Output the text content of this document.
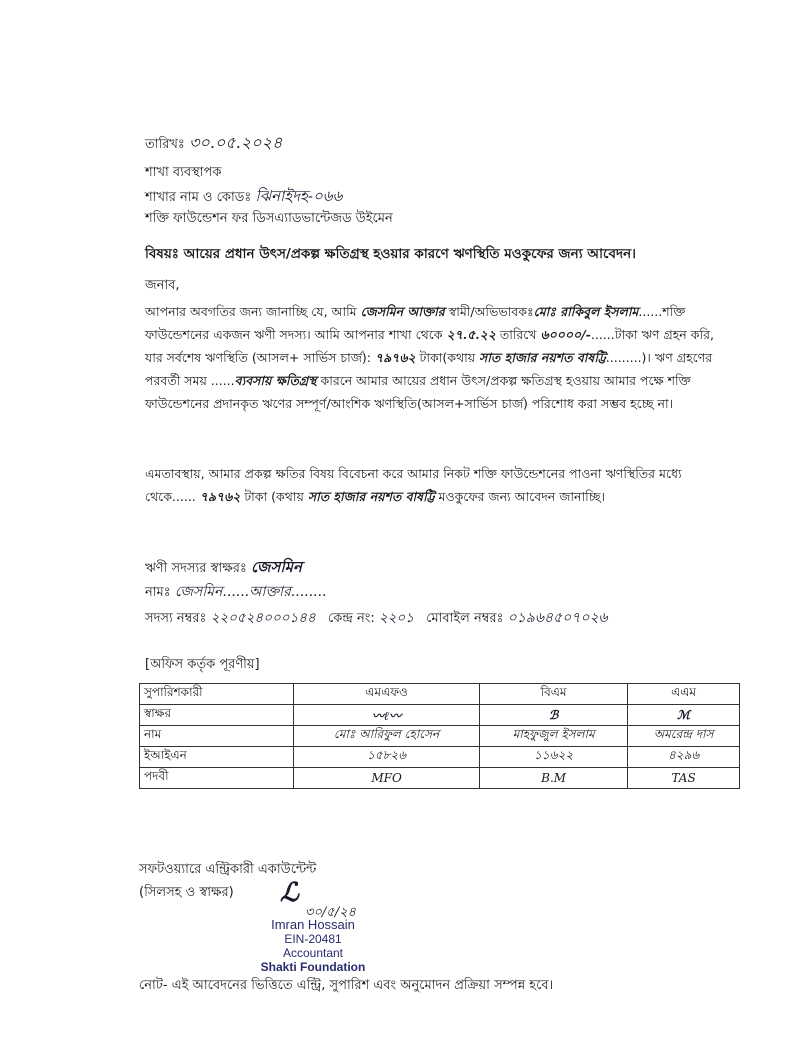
তারিখঃ ৩০.০৫.২০২৪
শাখা ব্যবস্থাপক
শাখার নাম ও কোডঃ ঝিনাইদহ-০৬৬
শক্তি ফাউন্ডেশন ফর ডিসএ্যাডভান্টেজড উইমেন
বিষয়ঃ আয়ের প্রধান উৎস/প্রকল্প ক্ষতিগ্রস্থ হওয়ার কারণে ঋণস্থিতি মওকুফের জন্য আবেদন।
জনাব,
আপনার অবগতির জন্য জানাচ্ছি যে, আমি জেসমিন আক্তার স্বামী/অভিভাবকঃমোঃ রাকিবুল ইসলাম......শক্তি ফাউন্ডেশনের একজন ঋণী সদস্য। আমি আপনার শাখা থেকে ২৭.৫.২২ তারিখে ৬০০০০/-......টাকা ঋণ গ্রহন করি, যার সর্বশেষ ঋণস্থিতি (আসল+ সার্ভিস চার্জ): ৭৯৭৬২ টাকা(কথায় সাত হাজার নয়শত বাষট্টি.........)। ঋণ গ্রহণের পরবর্তী সময় ......ব্যবসায় ক্ষতিগ্রস্থ কারনে আমার আয়ের প্রধান উৎস/প্রকল্প ক্ষতিগ্রস্থ হওয়ায় আমার পক্ষে শক্তি ফাউন্ডেশনের প্রদানকৃত ঋণের সম্পূর্ণ/আংশিক ঋণস্থিতি(আসল+সার্ভিস চার্জ) পরিশোধ করা সম্ভব হচ্ছে না।
এমতাবস্থায়, আমার প্রকল্প ক্ষতির বিষয় বিবেচনা করে আমার নিকট শক্তি ফাউন্ডেশনের পাওনা ঋণস্থিতির মধ্যে থেকে...... ৭৯৭৬২ টাকা (কথায় সাত হাজার নয়শত বাষট্টি মওকুফের জন্য আবেদন জানাচ্ছি।
ঋণী সদস্যর স্বাক্ষরঃ জেসমিন
নামঃ জেসমিন......আক্তার........
সদস্য নম্বরঃ ২২০৫২৪০০০১৪৪ কেন্দ্র নং: ২২০১ মোবাইল নম্বরঃ ০১৯৬৪৫০৭০২৬
[অফিস কর্তৃক পূরণীয়]
সুপারিশকারী	এমএফও	বিএম	এএম
স্বাক্ষর	〰ℓ〰	ℬ	ℳ
নাম	মোঃ আরিফুল হোসেন	মাহফুজুল ইসলাম	অমরেন্দ্র দাস
ইআইএন	১৫৮২৬	১১৬২২	৪২৯৬
পদবী	MFO	B.M	TAS
সফটওয়্যারে এন্ট্রিকারী একাউন্টেন্ট
(সিলসহ ও স্বাক্ষর) ℒ
৩০/৫/২৪
Imran Hossain
EIN-20481
Accountant
Shakti Foundation
নোট- এই আবেদনের ভিত্তিতে এন্ট্রি, সুপারিশ এবং অনুমোদন প্রক্রিয়া সম্পন্ন হবে।
